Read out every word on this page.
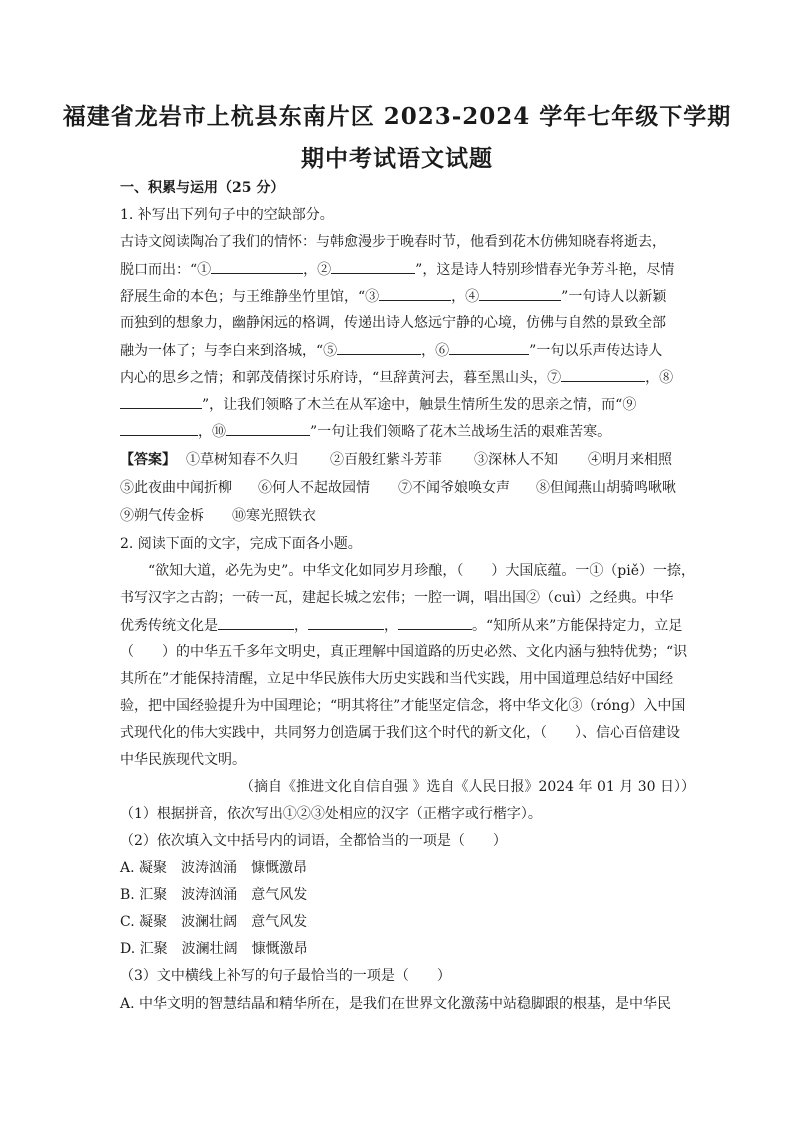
福建省龙岩市上杭县东南片区 2023-2024 学年七年级下学期
期中考试语文试题
一、积累与运用（25 分）
1. 补写出下列句子中的空缺部分。
古诗文阅读陶冶了我们的情怀：与韩愈漫步于晚春时节，他看到花木仿佛知晓春将逝去，
脱口而出：“①	，②	”，这是诗人特别珍惜春光争芳斗艳，尽情
舒展生命的本色；与王维静坐竹里馆，“③	，④	”一句诗人以新颖
而独到的想象力，幽静闲远的格调，传递出诗人悠远宁静的心境，仿佛与自然的景致全部
融为一体了；与李白来到洛城，“⑤	，⑥	”一句以乐声传达诗人
内心的思乡之情；和郭茂倩探讨乐府诗，“旦辞黄河去，暮至黑山头，⑦	，⑧
”，让我们领略了木兰在从军途中，触景生情所生发的思亲之情，而“⑨
，⑩	”一句让我们领略了花木兰战场生活的艰难苦寒。
【答案】 ①草树知春不久归 ②百般红紫斗芳菲 ③深林人不知 ④明月来相照
⑤此夜曲中闻折柳 ⑥何人不起故园情 ⑦不闻爷娘唤女声 ⑧但闻燕山胡骑鸣啾啾
⑨朔气传金柝 ⑩寒光照铁衣
2. 阅读下面的文字，完成下面各小题。
“欲知大道，必先为史”。中华文化如同岁月珍酿，（　　）大国底蕴。一①（piě）一捺，
书写汉字之古韵；一砖一瓦，建起长城之宏伟；一腔一调，唱出国②（cuì）之经典。中华
优秀传统文化是	，	，	。“知所从来”方能保持定力，立足
（　　）的中华五千多年文明史，真正理解中国道路的历史必然、文化内涵与独特优势；“识
其所在”才能保持清醒，立足中华民族伟大历史实践和当代实践，用中国道理总结好中国经
验，把中国经验提升为中国理论；“明其将往”才能坚定信念，将中华文化③（róng）入中国
式现代化的伟大实践中，共同努力创造属于我们这个时代的新文化，（　　）、信心百倍建设
中华民族现代文明。
（摘自《推进文化自信自强 》选自《人民日报》2024 年 01 月 30 日））
（1）根据拼音，依次写出①②③处相应的汉字（正楷字或行楷字）。
（2）依次填入文中括号内的词语，全都恰当的一项是（　　）
A. 凝聚　波涛汹涌　慷慨激昂
B. 汇聚　波涛汹涌　意气风发
C. 凝聚　波澜壮阔　意气风发
D. 汇聚　波澜壮阔　慷慨激昂
（3）文中横线上补写的句子最恰当的一项是（　　）
A. 中华文明的智慧结晶和精华所在，是我们在世界文化激荡中站稳脚跟的根基，是中华民
